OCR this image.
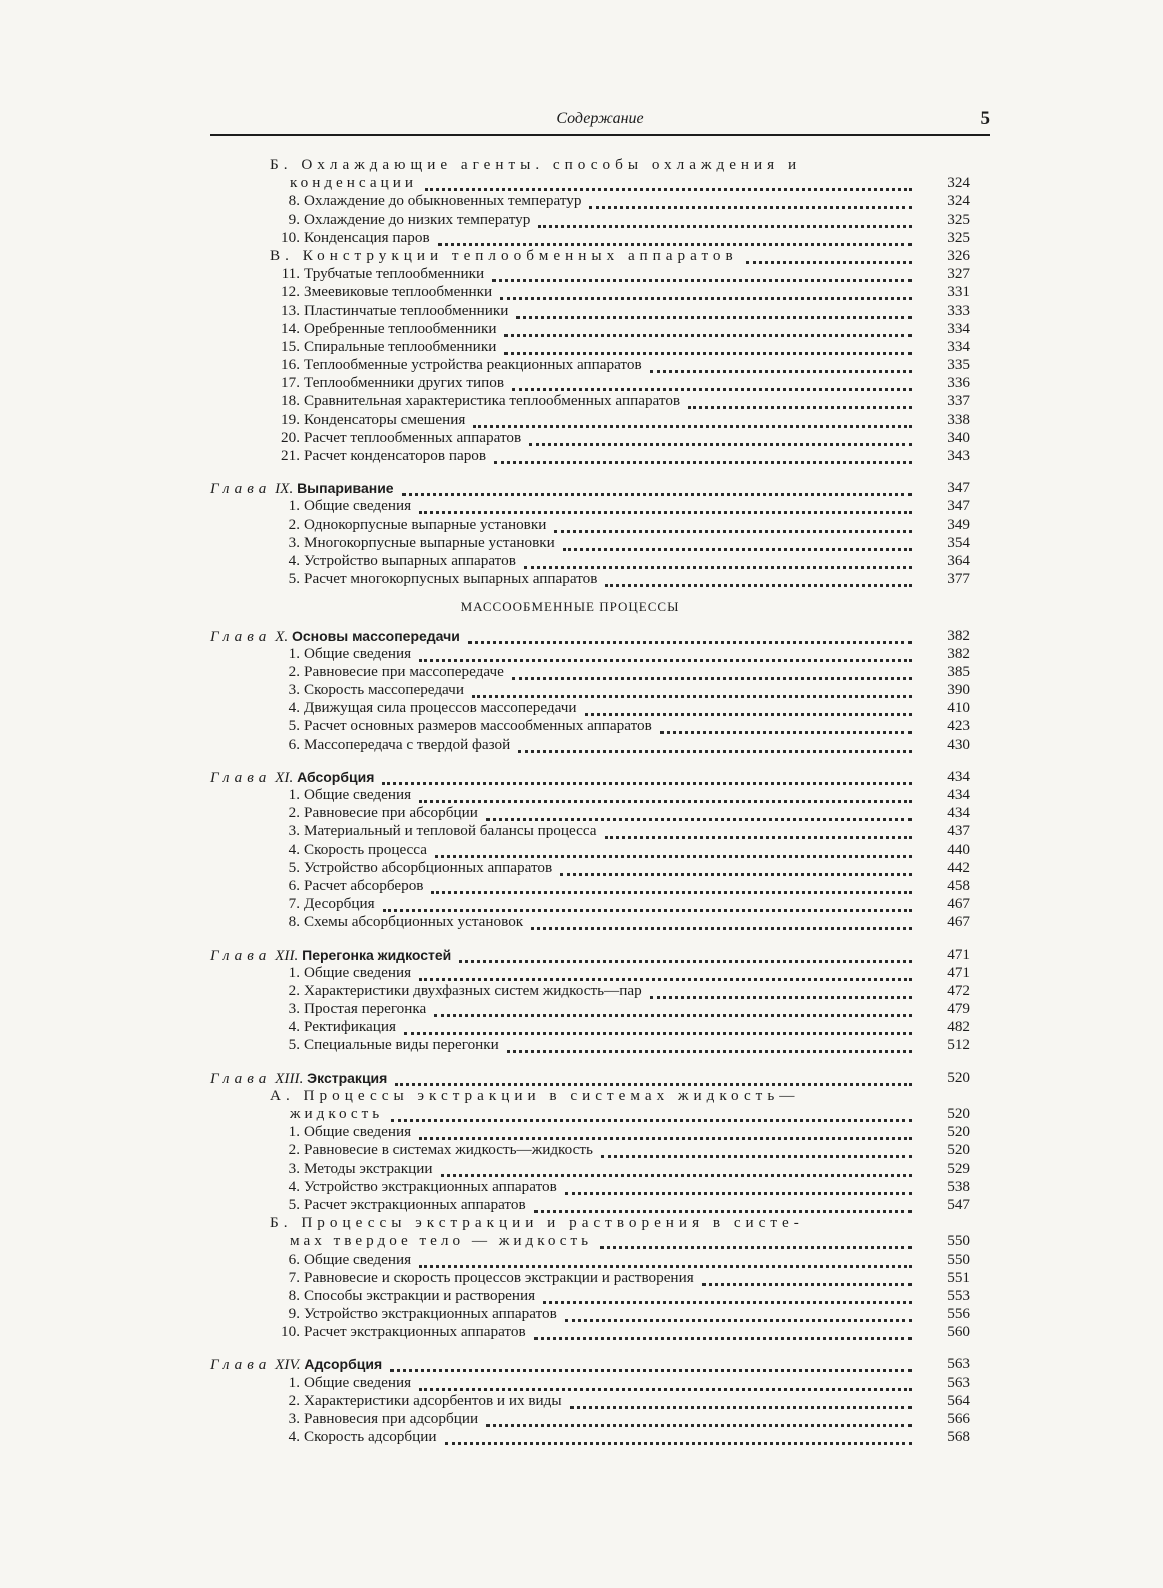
Содержание	5
Б. Охлаждающие агенты. способы охлаждения и
конденсации	324
8. Охлаждение до обыкновенных температур	324
9. Охлаждение до низких температур	325
10. Конденсация паров	325
В. Конструкции теплообменных аппаратов	326
11. Трубчатые теплообменники	327
12. Змеевиковые теплообменнки	331
13. Пластинчатые теплообменники	333
14. Оребренные теплообменники	334
15. Спиральные теплообменники	334
16. Теплообменные устройства реакционных аппаратов	335
17. Теплообменники других типов	336
18. Сравнительная характеристика теплообменных аппаратов	337
19. Конденсаторы смешения	338
20. Расчет теплообменных аппаратов	340
21. Расчет конденсаторов паров	343
Глава IX. Выпаривание	347
1. Общие сведения	347
2. Однокорпусные выпарные установки	349
3. Многокорпусные выпарные установки	354
4. Устройство выпарных аппаратов	364
5. Расчет многокорпусных выпарных аппаратов	377
МАССООБМЕННЫЕ ПРОЦЕССЫ
Глава X. Основы массопередачи	382
1. Общие сведения	382
2. Равновесие при массопередаче	385
3. Скорость массопередачи	390
4. Движущая сила процессов массопередачи	410
5. Расчет основных размеров массообменных аппаратов	423
6. Массопередача с твердой фазой	430
Глава XI. Абсорбция	434
1. Общие сведения	434
2. Равновесие при абсорбции	434
3. Материальный и тепловой балансы процесса	437
4. Скорость процесса	440
5. Устройство абсорбционных аппаратов	442
6. Расчет абсорберов	458
7. Десорбция	467
8. Схемы абсорбционных установок	467
Глава XII. Перегонка жидкостей	471
1. Общие сведения	471
2. Характеристики двухфазных систем жидкость—пар	472
3. Простая перегонка	479
4. Ректификация	482
5. Специальные виды перегонки	512
Глава XIII. Экстракция	520
А. Процессы экстракции в системах жидкость—
жидкость	520
1. Общие сведения	520
2. Равновесие в системах жидкость—жидкость	520
3. Методы экстракции	529
4. Устройство экстракционных аппаратов	538
5. Расчет экстракционных аппаратов	547
Б. Процессы экстракции и растворения в систе-
мах твердое тело — жидкость	550
6. Общие сведения	550
7. Равновесие и скорость процессов экстракции и растворения	551
8. Способы экстракции и растворения	553
9. Устройство экстракционных аппаратов	556
10. Расчет экстракционных аппаратов	560
Глава XIV. Адсорбция	563
1. Общие сведения	563
2. Характеристики адсорбентов и их виды	564
3. Равновесия при адсорбции	566
4. Скорость адсорбции	568
